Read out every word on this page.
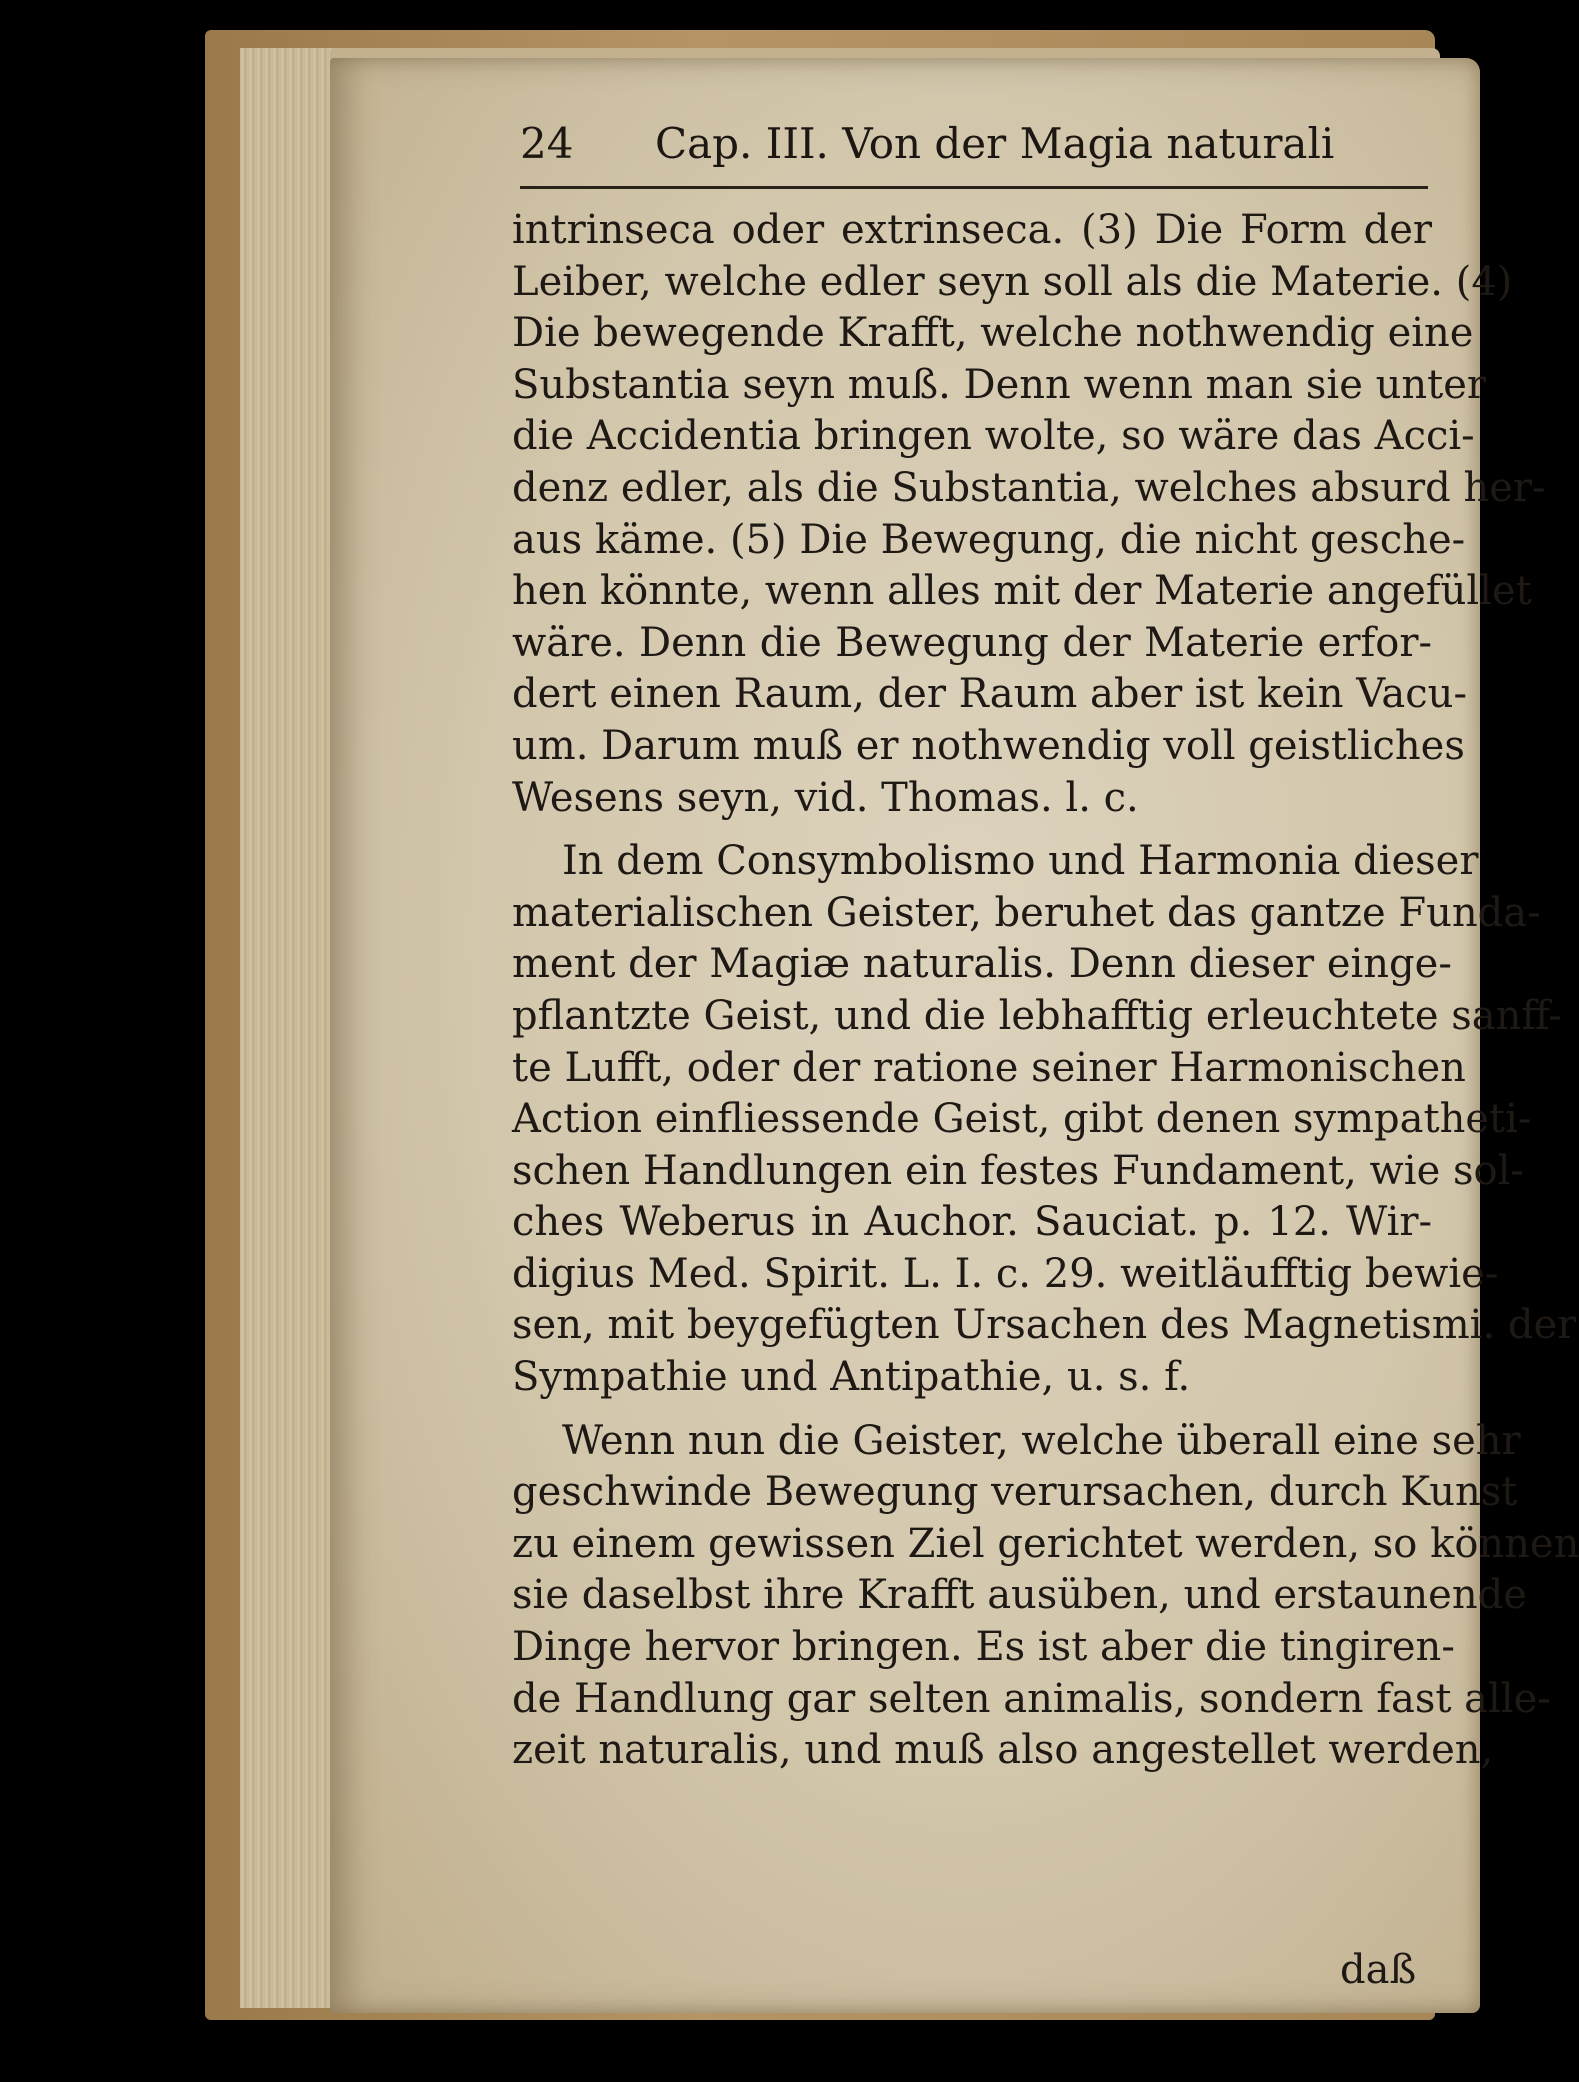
24 Cap. III. Von der Magia naturali
intrinseca oder extrinseca. (3) Die Form der
Leiber, welche edler seyn soll als die Materie. (4)
Die bewegende Krafft, welche nothwendig eine
Substantia seyn muß. Denn wenn man sie unter
die Accidentia bringen wolte, so wäre das Acci-
denz edler, als die Substantia, welches absurd her-
aus käme. (5) Die Bewegung, die nicht gesche-
hen könnte, wenn alles mit der Materie angefüllet
wäre. Denn die Bewegung der Materie erfor-
dert einen Raum, der Raum aber ist kein Vacu-
um. Darum muß er nothwendig voll geistliches
Wesens seyn, vid. Thomas. l. c.
In dem Consymbolismo und Harmonia dieser
materialischen Geister, beruhet das gantze Funda-
ment der Magiæ naturalis. Denn dieser einge-
pflantzte Geist, und die lebhafftig erleuchtete sanff-
te Lufft, oder der ratione seiner Harmonischen
Action einfliessende Geist, gibt denen sympatheti-
schen Handlungen ein festes Fundament, wie sol-
ches Weberus in Auchor. Sauciat. p. 12. Wir-
digius Med. Spirit. L. I. c. 29. weitläufftig bewie-
sen, mit beygefügten Ursachen des Magnetismi. der
Sympathie und Antipathie, u. s. f.
Wenn nun die Geister, welche überall eine sehr
geschwinde Bewegung verursachen, durch Kunst
zu einem gewissen Ziel gerichtet werden, so können
sie daselbst ihre Krafft ausüben, und erstaunende
Dinge hervor bringen. Es ist aber die tingiren-
de Handlung gar selten animalis, sondern fast alle-
zeit naturalis, und muß also angestellet werden,
daß
